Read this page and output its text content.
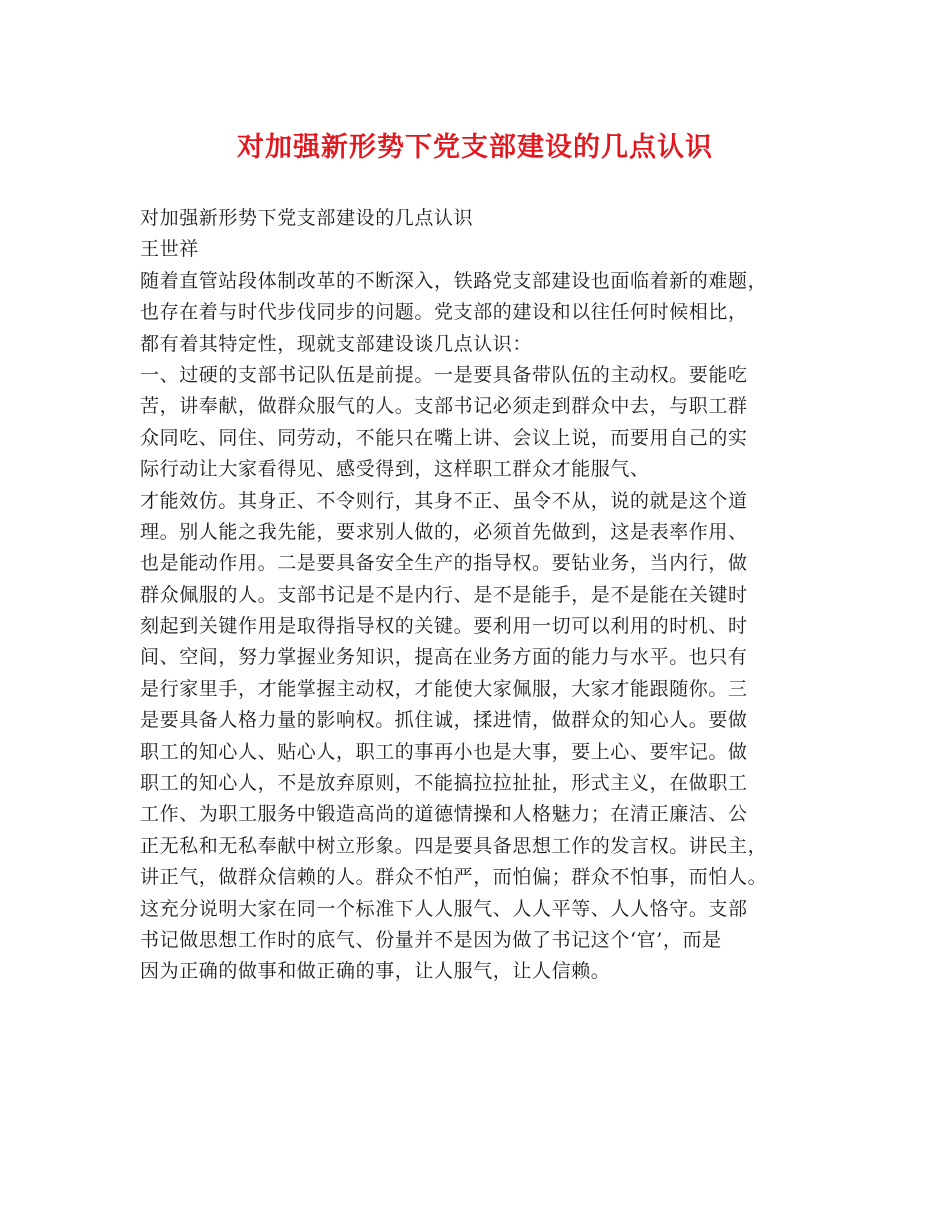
对加强新形势下党支部建设的几点认识
对加强新形势下党支部建设的几点认识
王世祥
随着直管站段体制改革的不断深入，铁路党支部建设也面临着新的难题，
也存在着与时代步伐同步的问题。党支部的建设和以往任何时候相比，
都有着其特定性，现就支部建设谈几点认识：
一、过硬的支部书记队伍是前提。一是要具备带队伍的主动权。要能吃
苦，讲奉献，做群众服气的人。支部书记必须走到群众中去，与职工群
众同吃、同住、同劳动，不能只在嘴上讲、会议上说，而要用自己的实
际行动让大家看得见、感受得到，这样职工群众才能服气、
才能效仿。其身正、不令则行，其身不正、虽令不从，说的就是这个道
理。别人能之我先能，要求别人做的，必须首先做到，这是表率作用、
也是能动作用。二是要具备安全生产的指导权。要钻业务，当内行，做
群众佩服的人。支部书记是不是内行、是不是能手，是不是能在关键时
刻起到关键作用是取得指导权的关键。要利用一切可以利用的时机、时
间、空间，努力掌握业务知识，提高在业务方面的能力与水平。也只有
是行家里手，才能掌握主动权，才能使大家佩服，大家才能跟随你。三
是要具备人格力量的影响权。抓住诚，揉进情，做群众的知心人。要做
职工的知心人、贴心人，职工的事再小也是大事，要上心、要牢记。做
职工的知心人，不是放弃原则，不能搞拉拉扯扯，形式主义，在做职工
工作、为职工服务中锻造高尚的道德情操和人格魅力；在清正廉洁、公
正无私和无私奉献中树立形象。四是要具备思想工作的发言权。讲民主，
讲正气，做群众信赖的人。群众不怕严，而怕偏；群众不怕事，而怕人。
这充分说明大家在同一个标准下人人服气、人人平等、人人恪守。支部
书记做思想工作时的底气、份量并不是因为做了书记这个‘官’，而是
因为正确的做事和做正确的事，让人服气，让人信赖。
